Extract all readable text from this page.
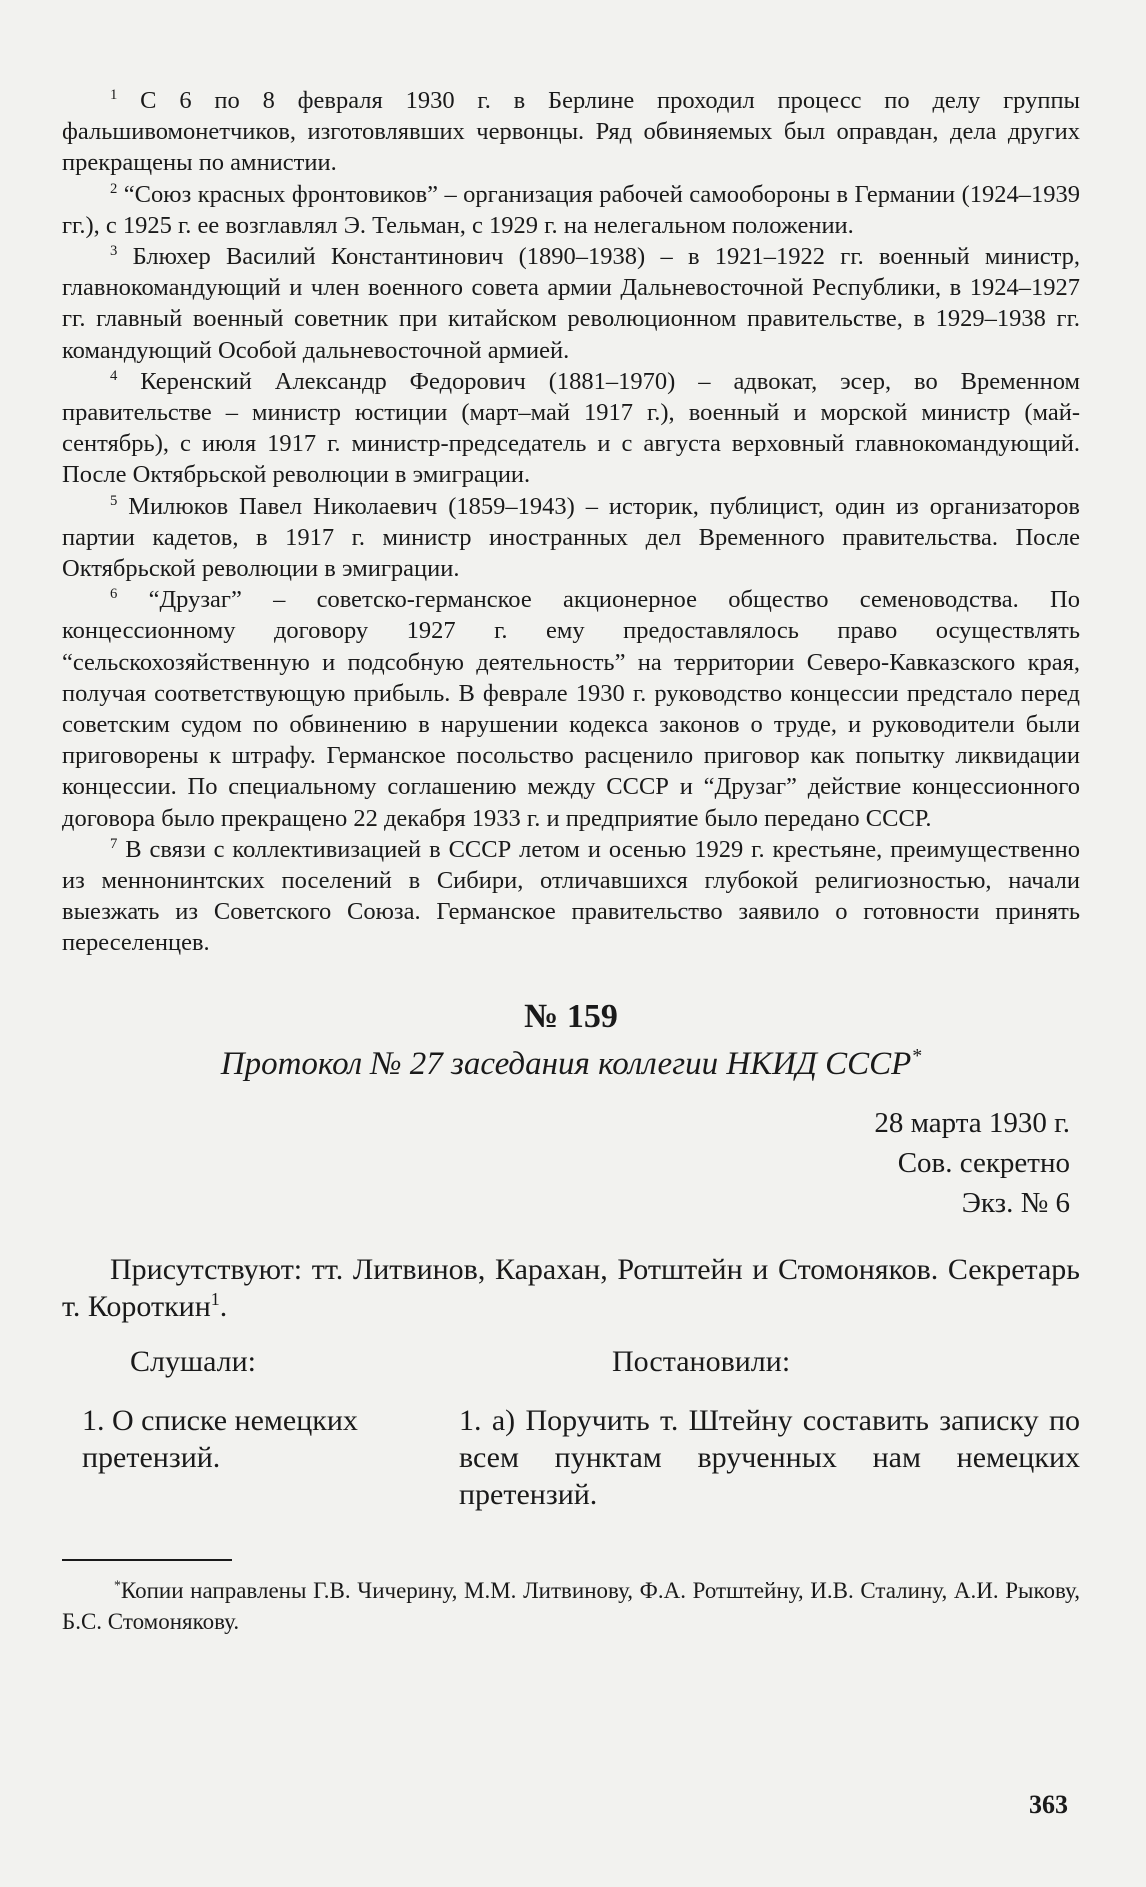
$^1$ С 6 по 8 февраля 1930 г. в Берлине проходил процесс по делу группы фальшивомонетчиков, изготовлявших червонцы. Ряд обвиняемых был оправдан, дела других прекращены по амнистии.

$^2$ “Союз красных фронтовиков” – организация рабочей самообороны в Германии (1924–1939 гг.), с 1925 г. ее возглавлял Э. Тельман, с 1929 г. на нелегальном положении.

$^3$ Блюхер Василий Константинович (1890–1938) – в 1921–1922 гг. военный министр, главнокомандующий и член военного совета армии Дальневосточной Республики, в 1924–1927 гг. главный военный советник при китайском революционном правительстве, в 1929–1938 гг. командующий Особой дальневосточной армией.

$^4$ Керенский Александр Федорович (1881–1970) – адвокат, эсер, во Временном правительстве – министр юстиции (март–май 1917 г.), военный и морской министр (май-сентябрь), с июля 1917 г. министр-председатель и с августа верховный главнокомандующий. После Октябрьской революции в эмиграции.

$^5$ Милюков Павел Николаевич (1859–1943) – историк, публицист, один из организаторов партии кадетов, в 1917 г. министр иностранных дел Временного правительства. После Октябрьской революции в эмиграции.

$^6$ “Друзаг” – советско-германское акционерное общество семеноводства. По концессионному договору 1927 г. ему предоставлялось право осуществлять “сельскохозяйственную и подсобную деятельность” на территории Северо-Кавказского края, получая соответствующую прибыль. В феврале 1930 г. руководство концессии предстало перед советским судом по обвинению в нарушении кодекса законов о труде, и руководители были приговорены к штрафу. Германское посольство расценило приговор как попытку ликвидации концессии. По специальному соглашению между СССР и “Друзаг” действие концессионного договора было прекращено 22 декабря 1933 г. и предприятие было передано СССР.

$^7$ В связи с коллективизацией в СССР летом и осенью 1929 г. крестьяне, преимущественно из меннонинтских поселений в Сибири, отличавшихся глубокой религиозностью, начали выезжать из Советского Союза. Германское правительство заявило о готовности принять переселенцев.

№ 159
Протокол № 27 заседания коллегии НКИД СССР*
28 марта 1930 г.
Сов. секретно
Экз. № 6
Присутствуют: тт. Литвинов, Карахан, Ротштейн и Стомоняков. Секретарь т. Короткин$^1$.
Слушали:	Постановили:
1. О списке немецких претензий.
1. а) Поручить т. Штейну составить записку по всем пунктам врученных нам немецких претензий.
*Копии направлены Г.В. Чичерину, М.М. Литвинову, Ф.А. Ротштейну, И.В. Сталину, А.И. Рыкову, Б.С. Стомонякову.
363
